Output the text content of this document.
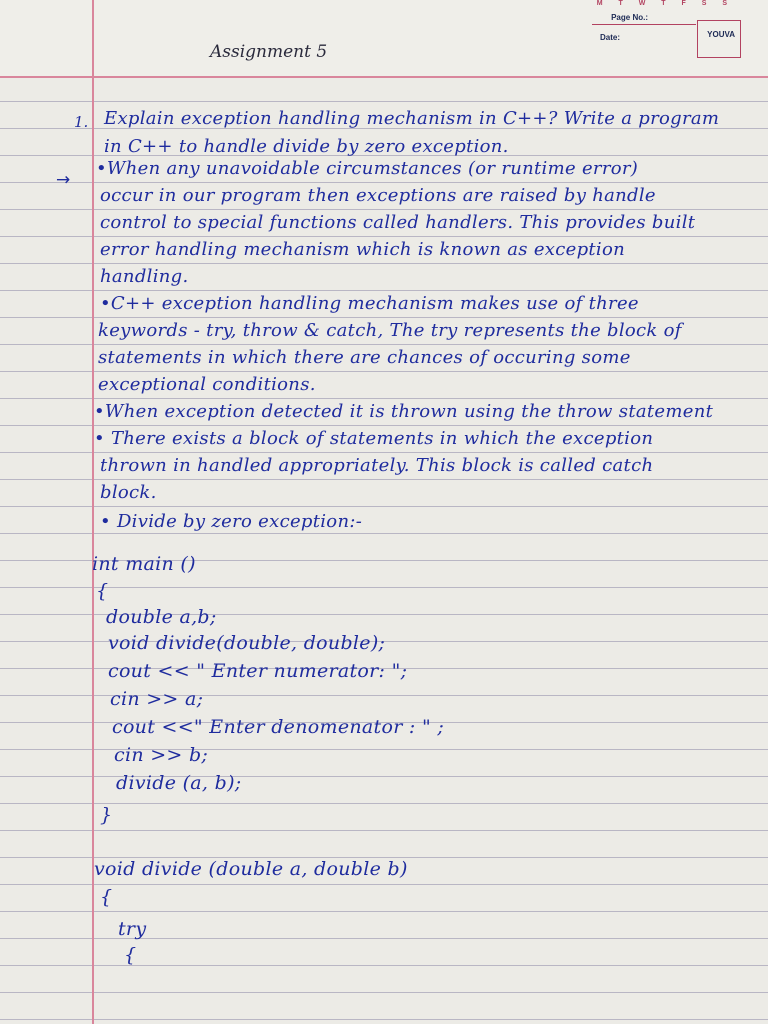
M T W T F S S
Page No.:
Date:	YOUVA
Assignment 5
1. Explain exception handling mechanism in C++? Write a program
in C++ to handle divide by zero exception.
→
•When any unavoidable circumstances (or runtime error)
occur in our program then exceptions are raised by handle
control to special functions called handlers. This provides built
error handling mechanism which is known as exception
handling.
•C++ exception handling mechanism makes use of three
keywords - try, throw & catch, The try represents the block of
statements in which there are chances of occuring some
exceptional conditions.
•When exception detected it is thrown using the throw statement
• There exists a block of statements in which the exception
thrown in handled appropriately. This block is called catch
block.
• Divide by zero exception:-
int main ()
{
double a,b;
void divide(double, double);
cout << " Enter numerator: ";
cin >> a;
cout <<" Enter denomenator : " ;
cin >> b;
divide (a, b);
}
void divide (double a, double b)
{
try
{
